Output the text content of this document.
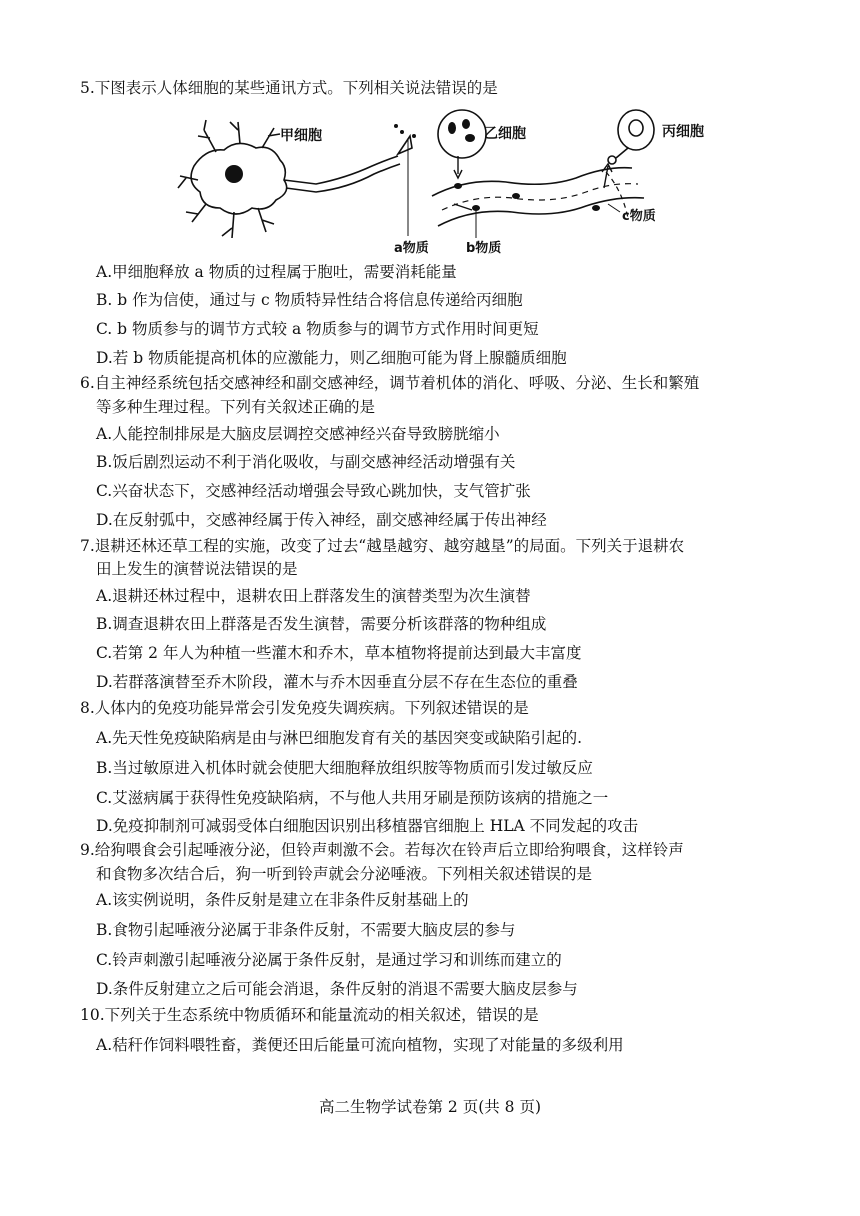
5.下图表示人体细胞的某些通讯方式。下列相关说法错误的是
甲细胞
a物质
乙细胞
b物质
丙细胞
c物质
A.甲细胞释放 a 物质的过程属于胞吐，需要消耗能量
B. b 作为信使，通过与 c 物质特异性结合将信息传递给丙细胞
C. b 物质参与的调节方式较 a 物质参与的调节方式作用时间更短
D.若 b 物质能提高机体的应激能力，则乙细胞可能为肾上腺髓质细胞
6.自主神经系统包括交感神经和副交感神经，调节着机体的消化、呼吸、分泌、生长和繁殖
等多种生理过程。下列有关叙述正确的是
A.人能控制排尿是大脑皮层调控交感神经兴奋导致膀胱缩小
B.饭后剧烈运动不利于消化吸收，与副交感神经活动增强有关
C.兴奋状态下，交感神经活动增强会导致心跳加快，支气管扩张
D.在反射弧中，交感神经属于传入神经，副交感神经属于传出神经
7.退耕还林还草工程的实施，改变了过去“越垦越穷、越穷越垦”的局面。下列关于退耕农
田上发生的演替说法错误的是
A.退耕还林过程中，退耕农田上群落发生的演替类型为次生演替
B.调查退耕农田上群落是否发生演替，需要分析该群落的物种组成
C.若第 2 年人为种植一些灌木和乔木，草本植物将提前达到最大丰富度
D.若群落演替至乔木阶段，灌木与乔木因垂直分层不存在生态位的重叠
8.人体内的免疫功能异常会引发免疫失调疾病。下列叙述错误的是
A.先天性免疫缺陷病是由与淋巴细胞发育有关的基因突变或缺陷引起的.
B.当过敏原进入机体时就会使肥大细胞释放组织胺等物质而引发过敏反应
C.艾滋病属于获得性免疫缺陷病，不与他人共用牙刷是预防该病的措施之一
D.免疫抑制剂可减弱受体白细胞因识别出移植器官细胞上 HLA 不同发起的攻击
9.给狗喂食会引起唾液分泌，但铃声刺激不会。若每次在铃声后立即给狗喂食，这样铃声
和食物多次结合后，狗一听到铃声就会分泌唾液。下列相关叙述错误的是
A.该实例说明，条件反射是建立在非条件反射基础上的
B.食物引起唾液分泌属于非条件反射，不需要大脑皮层的参与
C.铃声刺激引起唾液分泌属于条件反射，是通过学习和训练而建立的
D.条件反射建立之后可能会消退，条件反射的消退不需要大脑皮层参与
10.下列关于生态系统中物质循环和能量流动的相关叙述，错误的是
A.秸秆作饲料喂牲畜，粪便还田后能量可流向植物，实现了对能量的多级利用
高二生物学试卷第 2 页(共 8 页)
